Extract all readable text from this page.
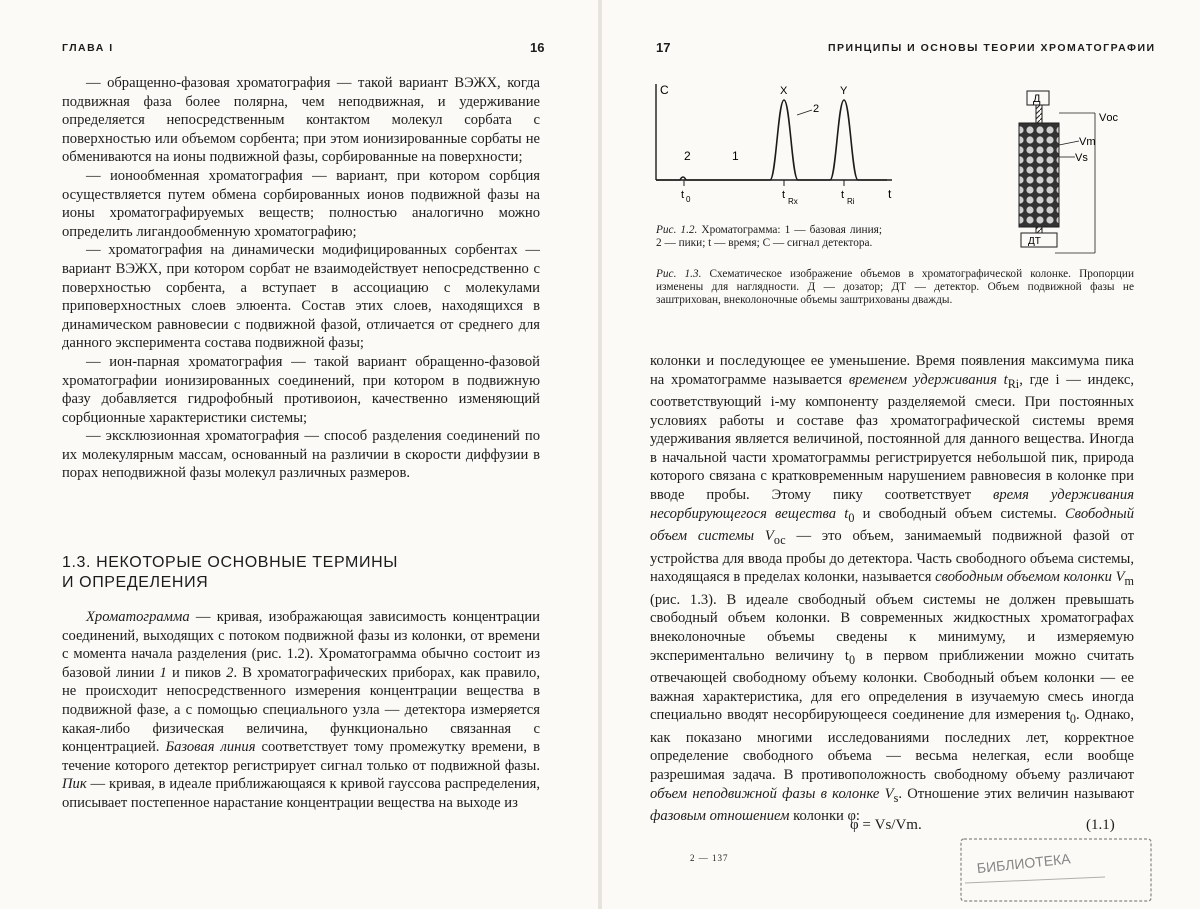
ГЛАВА I	16

— обращенно-фазовая хроматография — такой вариант ВЭЖХ, когда подвижная фаза более полярна, чем неподвижная, и удерживание определяется непосредственным контактом молекул сорбата с поверхностью или объемом сорбента; при этом ионизированные сорбаты не обмениваются на ионы подвижной фазы, сорбированные на поверхности;

— ионообменная хроматография — вариант, при котором сорбция осуществляется путем обмена сорбированных ионов подвижной фазы на ионы хроматографируемых веществ; полностью аналогично можно определить лигандообменную хроматографию;

— хроматография на динамически модифицированных сорбентах — вариант ВЭЖХ, при котором сорбат не взаимодействует непосредственно с поверхностью сорбента, а вступает в ассоциацию с молекулами приповерхностных слоев элюента. Состав этих слоев, находящихся в динамическом равновесии с подвижной фазой, отличается от среднего для данного эксперимента состава подвижной фазы;

— ион-парная хроматография — такой вариант обращенно-фазовой хроматографии ионизированных соединений, при котором в подвижную фазу добавляется гидрофобный противоион, качественно изменяющий сорбционные характеристики системы;

— эксклюзионная хроматография — способ разделения соединений по их молекулярным массам, основанный на различии в скорости диффузии в порах неподвижной фазы молекул различных размеров.

1.3. НЕКОТОРЫЕ ОСНОВНЫЕ ТЕРМИНЫ
И ОПРЕДЕЛЕНИЯ

Хроматограмма — кривая, изображающая зависимость концентрации соединений, выходящих с потоком подвижной фазы из колонки, от времени с момента начала разделения (рис. 1.2). Хроматограмма обычно состоит из базовой линии 1 и пиков 2. В хроматографических приборах, как правило, не происходит непосредственного измерения концентрации вещества в подвижной фазе, а с помощью специального узла — детектора измеряется какая-либо физическая величина, функционально связанная с концентрацией. Базовая линия соответствует тому промежутку времени, в течение которого детектор регистрирует сигнал только от подвижной фазы. Пик — кривая, в идеале приближающаяся к кривой гауссова распределения, описывает постепенное нарастание концентрации вещества на выходе из

17	ПРИНЦИПЫ И ОСНОВЫ ТЕОРИИ ХРОМАТОГРАФИИ
C	X	Y
2
2	1
t
t 0	t
Rx
t
Ri
Рис. 1.2. Хроматограмма: 1 — базовая линия; 2 — пики; t — время; C — сигнал детектора.
Д
ДТ
Vос
Vm
Vs
Рис. 1.3. Схематическое изображение объемов в хроматографической колонке. Пропорции изменены для наглядности. Д — дозатор; ДТ — детектор. Объем подвижной фазы не заштрихован, внеколоночные объемы заштрихованы дважды.

колонки и последующее ее уменьшение. Время появления максимума пика на хроматограмме называется временем удерживания $t_{Ri}$, где i — индекс, соответствующий i-му компоненту разделяемой смеси. При постоянных условиях работы и составе фаз хроматографической системы время удерживания является величиной, постоянной для данного вещества. Иногда в начальной части хроматограммы регистрируется небольшой пик, природа которого связана с кратковременным нарушением равновесия в колонке при вводе пробы. Этому пику соответствует время удерживания несорбирующегося вещества $t_0$ и свободный объем системы. Свободный объем системы $V_{ос}$ — это объем, занимаемый подвижной фазой от устройства для ввода пробы до детектора. Часть свободного объема системы, находящаяся в пределах колонки, называется свободным объемом колонки $V_m$ (рис. 1.3). В идеале свободный объем системы не должен превышать свободный объем колонки. В современных жидкостных хроматографах внеколоночные объемы сведены к минимуму, и измеряемую экспериментально величину $t_0$ в первом приближении можно считать отвечающей свободному объему колонки. Свободный объем колонки — ее важная характеристика, для его определения в изучаемую смесь иногда специально вводят несорбирующееся соединение для измерения $t_0$. Однако, как показано многими исследованиями последних лет, корректное определение свободного объема — весьма нелегкая, если вообще разрешимая задача. В противоположность свободному объему различают объем неподвижной фазы в колонке $V_s$. Отношение этих величин называют фазовым отношением колонки φ:

φ = Vs/Vm.	(1.1)
2 — 137	БИБЛИОТЕКА
